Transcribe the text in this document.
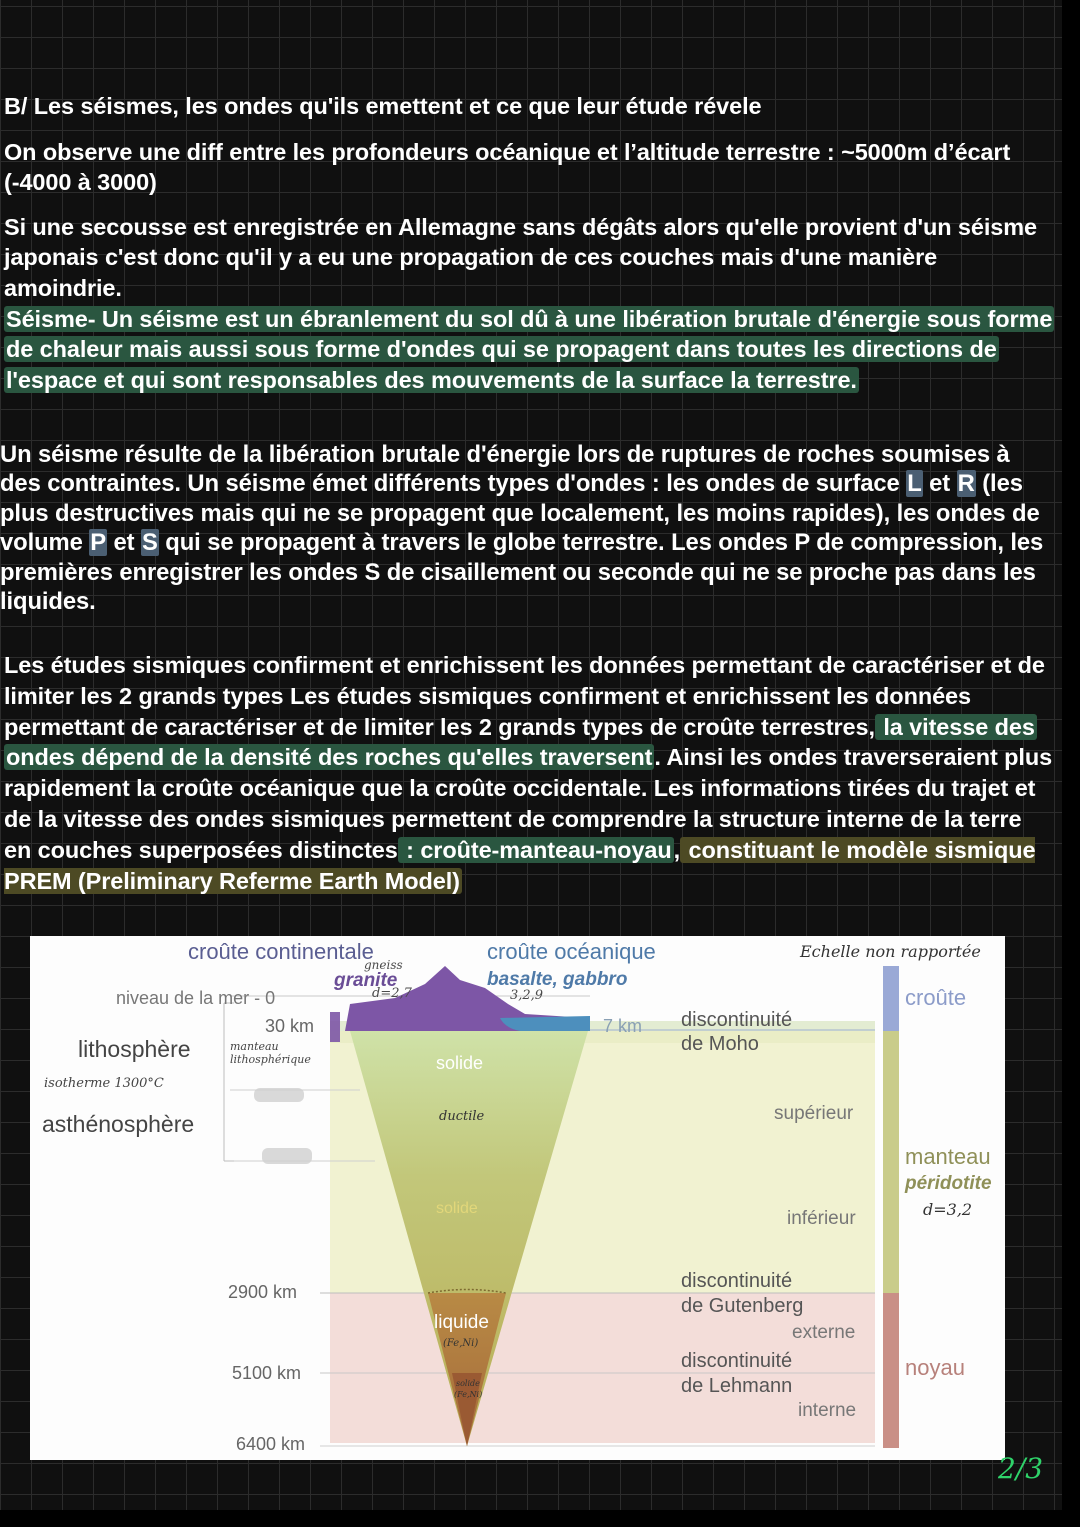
B/ Les séismes, les ondes qu'ils emettent et ce que leur étude révele
On observe une diff entre les profondeurs océanique et l’altitude terrestre : ~5000m d’écart (-4000 à 3000)
Si une secousse est enregistrée en Allemagne sans dégâts alors qu'elle provient d'un séisme japonais c'est donc qu'il y a eu une propagation de ces couches mais d'une manière amoindrie.
Séisme- Un séisme est un ébranlement du sol dû à une libération brutale d'énergie sous forme de chaleur mais aussi sous forme d'ondes qui se propagent dans toutes les directions de l'espace et qui sont responsables des mouvements de la surface la terrestre.
Un séisme résulte de la libération brutale d'énergie lors de ruptures de roches soumises à des contraintes. Un séisme émet différents types d'ondes : les ondes de surface L et R (les plus destructives mais qui ne se propagent que localement, les moins rapides), les ondes de volume P et S qui se propagent à travers le globe terrestre. Les ondes P de compression, les premières enregistrer les ondes S de cisaillement ou seconde qui ne se proche pas dans les liquides.
Les études sismiques confirment et enrichissent les données permettant de caractériser et de limiter les 2 grands types Les études sismiques confirment et enrichissent les données permettant de caractériser et de limiter les 2 grands types de croûte terrestres, la vitesse des ondes dépend de la densité des roches qu'elles traversent. Ainsi les ondes traverseraient plus rapidement la croûte océanique que la croûte occidentale. Les informations tirées du trajet et de la vitesse des ondes sismiques permettent de comprendre la structure interne de la terre en couches superposées distinctes : croûte-manteau-noyau, constituant le modèle sismique PREM (Preliminary Referme Earth Model)
croûte continentale
gneiss
granite
d=2,7
croûte océanique
basalte, gabbro
3,2,9
Echelle non rapportée
niveau de la mer - 0
30 km	7 km
lithosphère	manteau lithosphérique
isotherme 1300°C
asthénosphère
solide
ductile
solide
liquide
(Fe,Ni)
solide
(Fe,Ni)
2900 km
5100 km
6400 km
discontinuité
de Moho
supérieur
inférieur
discontinuité
de Gutenberg
externe
discontinuité
de Lehmann
interne
croûte
manteau
péridotite
d=3,2
noyau
2/3
